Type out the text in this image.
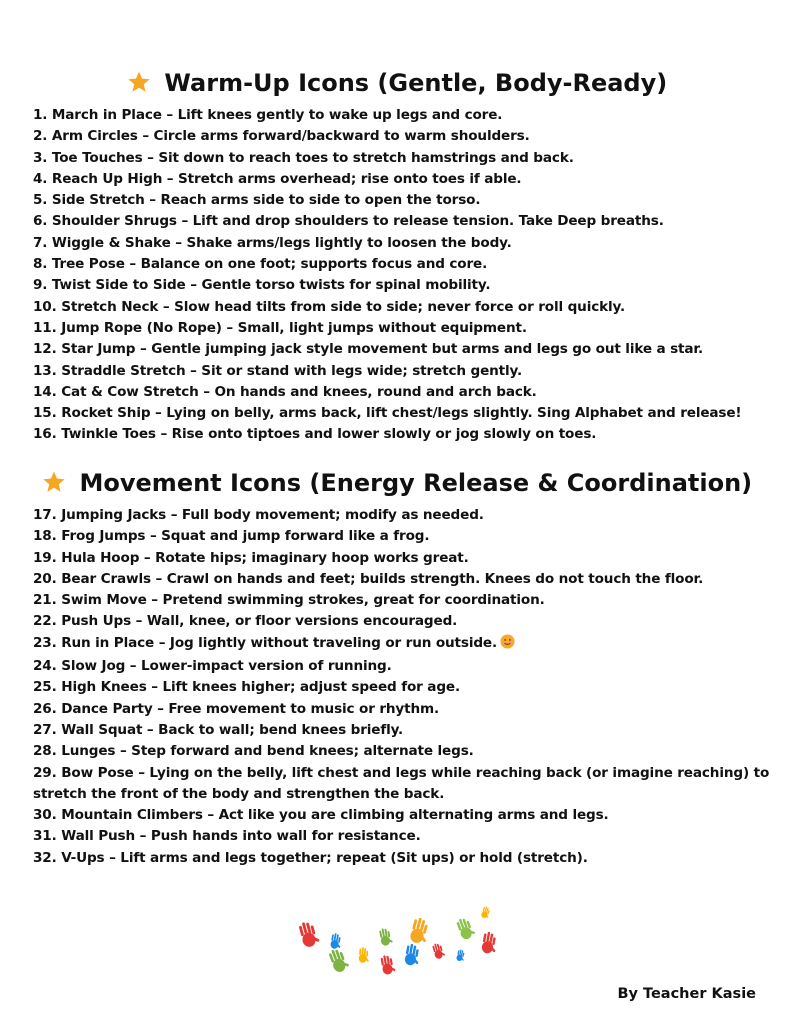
Warm-Up Icons (Gentle, Body-Ready)
1. March in Place – Lift knees gently to wake up legs and core.
2. Arm Circles – Circle arms forward/backward to warm shoulders.
3. Toe Touches – Sit down to reach toes to stretch hamstrings and back.
4. Reach Up High – Stretch arms overhead; rise onto toes if able.
5. Side Stretch – Reach arms side to side to open the torso.
6. Shoulder Shrugs – Lift and drop shoulders to release tension. Take Deep breaths.
7. Wiggle & Shake – Shake arms/legs lightly to loosen the body.
8. Tree Pose – Balance on one foot; supports focus and core.
9. Twist Side to Side – Gentle torso twists for spinal mobility.
10. Stretch Neck – Slow head tilts from side to side; never force or roll quickly.
11. Jump Rope (No Rope) – Small, light jumps without equipment.
12. Star Jump – Gentle jumping jack style movement but arms and legs go out like a star.
13. Straddle Stretch – Sit or stand with legs wide; stretch gently.
14. Cat & Cow Stretch – On hands and knees, round and arch back.
15. Rocket Ship – Lying on belly, arms back, lift chest/legs slightly. Sing Alphabet and release!
16. Twinkle Toes – Rise onto tiptoes and lower slowly or jog slowly on toes.
Movement Icons (Energy Release & Coordination)
17. Jumping Jacks – Full body movement; modify as needed.
18. Frog Jumps – Squat and jump forward like a frog.
19. Hula Hoop – Rotate hips; imaginary hoop works great.
20. Bear Crawls – Crawl on hands and feet; builds strength. Knees do not touch the floor.
21. Swim Move – Pretend swimming strokes, great for coordination.
22. Push Ups – Wall, knee, or floor versions encouraged.
23. Run in Place – Jog lightly without traveling or run outside.
24. Slow Jog – Lower-impact version of running.
25. High Knees – Lift knees higher; adjust speed for age.
26. Dance Party – Free movement to music or rhythm.
27. Wall Squat – Back to wall; bend knees briefly.
28. Lunges – Step forward and bend knees; alternate legs.
29. Bow Pose – Lying on the belly, lift chest and legs while reaching back (or imagine reaching) to stretch the front of the body and strengthen the back.
30. Mountain Climbers – Act like you are climbing alternating arms and legs.
31. Wall Push – Push hands into wall for resistance.
32. V-Ups – Lift arms and legs together; repeat (Sit ups) or hold (stretch).
By Teacher Kasie
